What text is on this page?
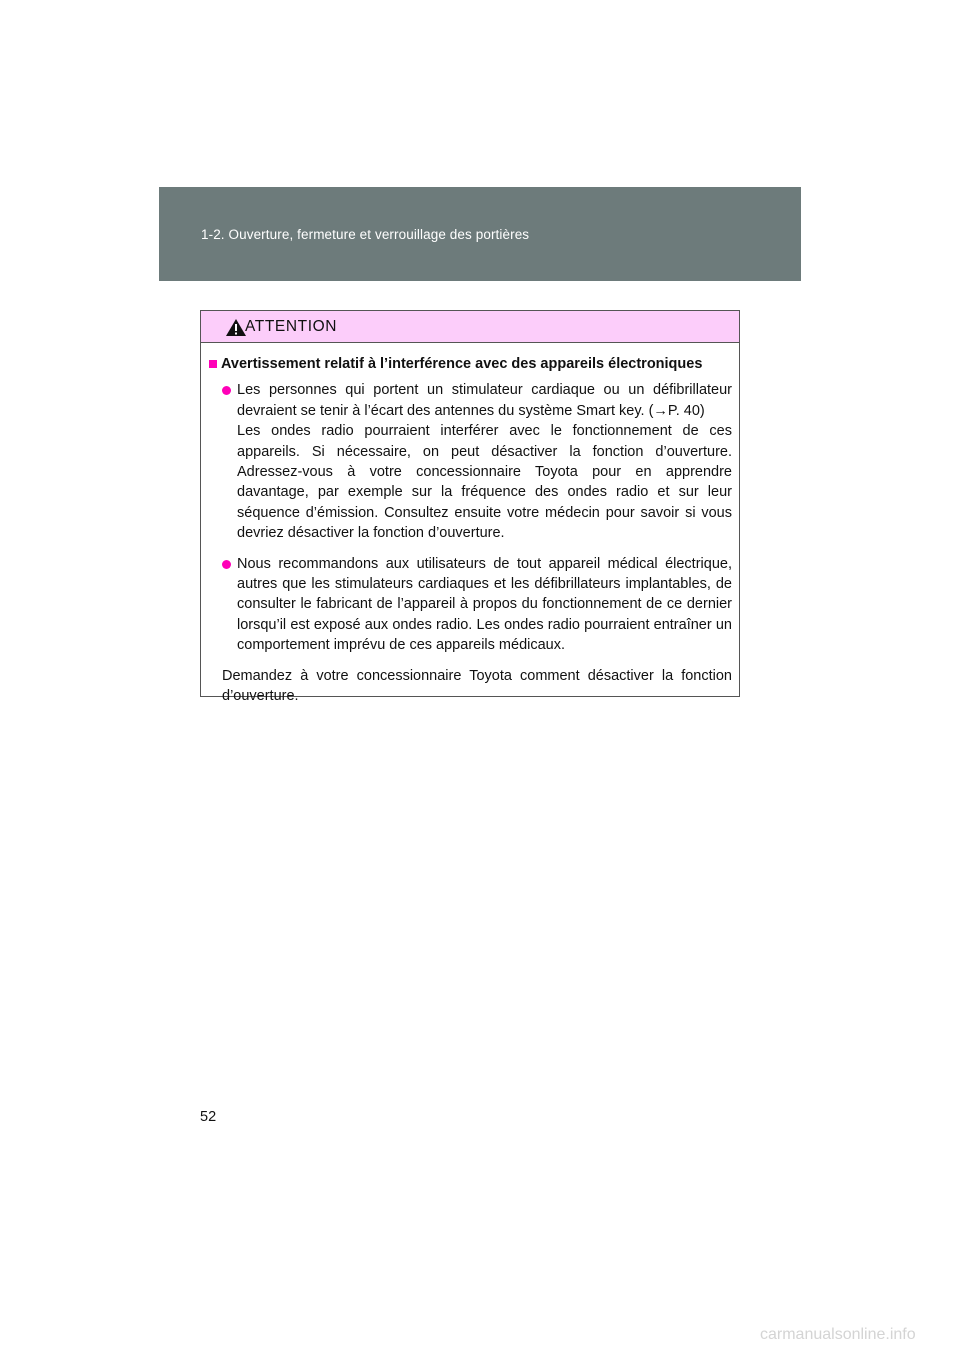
1-2. Ouverture, fermeture et verrouillage des portières
ATTENTION
Avertissement relatif à l’interférence avec des appareils électroniques

Les personnes qui portent un stimulateur cardiaque ou un défibrillateur devraient se tenir à l’écart des antennes du système Smart key. (→P. 40)

Les ondes radio pourraient interférer avec le fonctionnement de ces appareils. Si nécessaire, on peut désactiver la fonction d’ouverture. Adressez-vous à votre concessionnaire Toyota pour en apprendre davantage, par exemple sur la fréquence des ondes radio et sur leur séquence d’émission. Consultez ensuite votre médecin pour savoir si vous devriez désactiver la fonction d’ouverture.

Nous recommandons aux utilisateurs de tout appareil médical électrique, autres que les stimulateurs cardiaques et les défibrillateurs implantables, de consulter le fabricant de l’appareil à propos du fonctionnement de ce dernier lorsqu’il est exposé aux ondes radio. Les ondes radio pourraient entraîner un comportement imprévu de ces appareils médicaux.

Demandez à votre concessionnaire Toyota comment désactiver la fonction d’ouverture.

52
carmanualsonline.info
